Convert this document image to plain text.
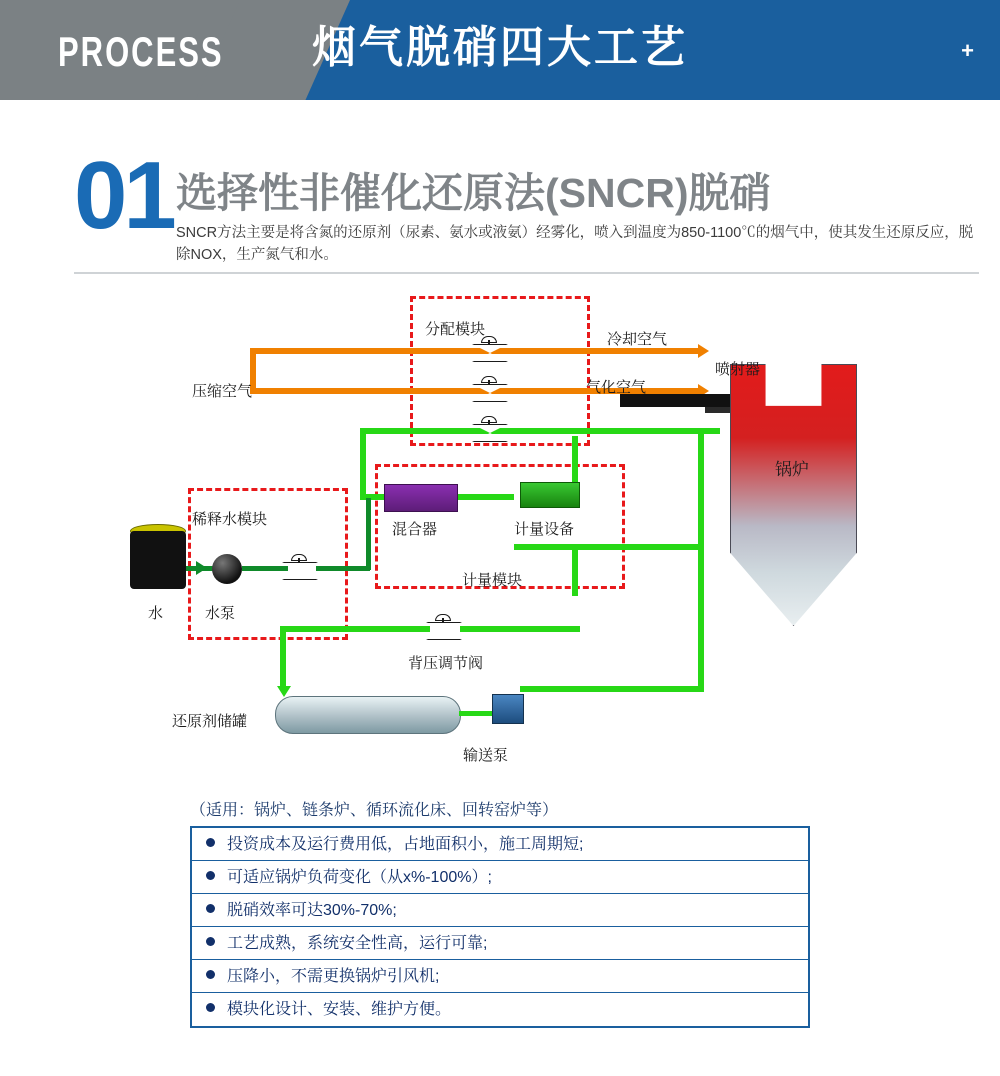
PROCESS	烟气脱硝四大工艺	+
01 选择性非催化还原法(SNCR)脱硝
SNCR方法主要是将含氮的还原剂（尿素、氨水或液氨）经雾化，喷入到温度为850-1100℃的烟气中，使其发生还原反应，脱除NOX，生产氮气和水。
锅炉
分配模块
冷却空气
压缩空气	气化空气
喷射器
稀释水模块
混合器	计量设备
计量模块
水	水泵
背压调节阀
还原剂储罐
输送泵
（适用：锅炉、链条炉、循环流化床、回转窑炉等）
投资成本及运行费用低，占地面积小，施工周期短;
可适应锅炉负荷变化（从x%-100%）;
脱硝效率可达30%-70%;
工艺成熟，系统安全性高，运行可靠;
压降小，不需更换锅炉引风机;
模块化设计、安装、维护方便。
